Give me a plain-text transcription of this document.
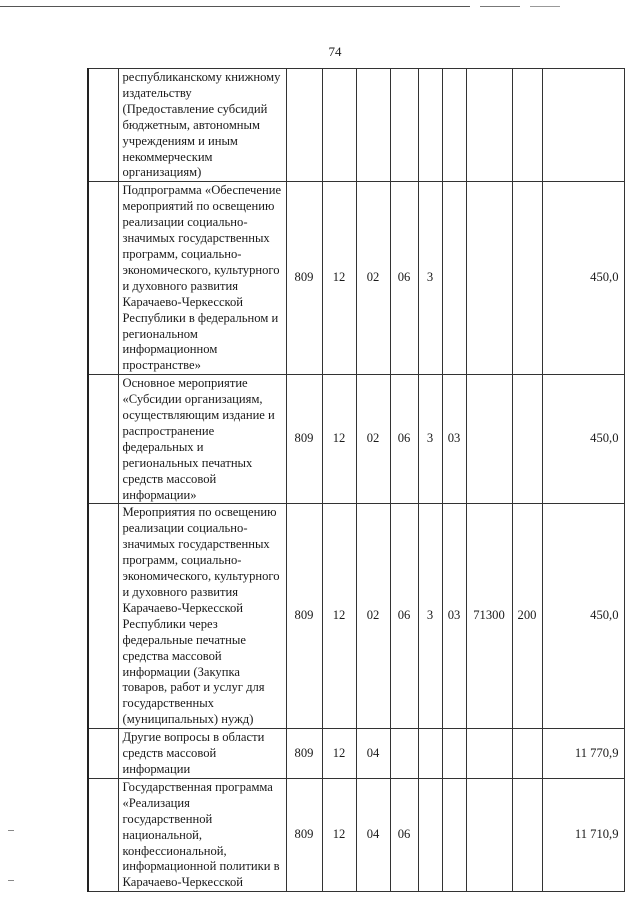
74
	республиканскому книжному издательству (Предоставление субсидий бюджетным, автономным учреждениям и иным некоммерческим организациям)									
	Подпрограмма «Обеспечение мероприятий по освещению реализации социально-значимых государственных программ, социально-экономического, культурного и духовного развития Карачаево-Черкесской Республики в федеральном и региональном информационном пространстве»	809	12	02	06	3				450,0
	Основное мероприятие «Субсидии организациям, осуществляющим издание и распространение федеральных и региональных печатных средств массовой информации»	809	12	02	06	3	03			450,0
	Мероприятия по освещению реализации социально-значимых государственных программ, социально-экономического, культурного и духовного развития Карачаево-Черкесской Республики через федеральные печатные средства массовой информации (Закупка товаров, работ и услуг для государственных (муниципальных) нужд)	809	12	02	06	3	03	71300	200	450,0
	Другие вопросы в области средств массовой информации	809	12	04						11 770,9
	Государственная программа «Реализация государственной национальной, конфессиональной, информационной политики в Карачаево-Черкесской	809	12	04	06					11 710,9
